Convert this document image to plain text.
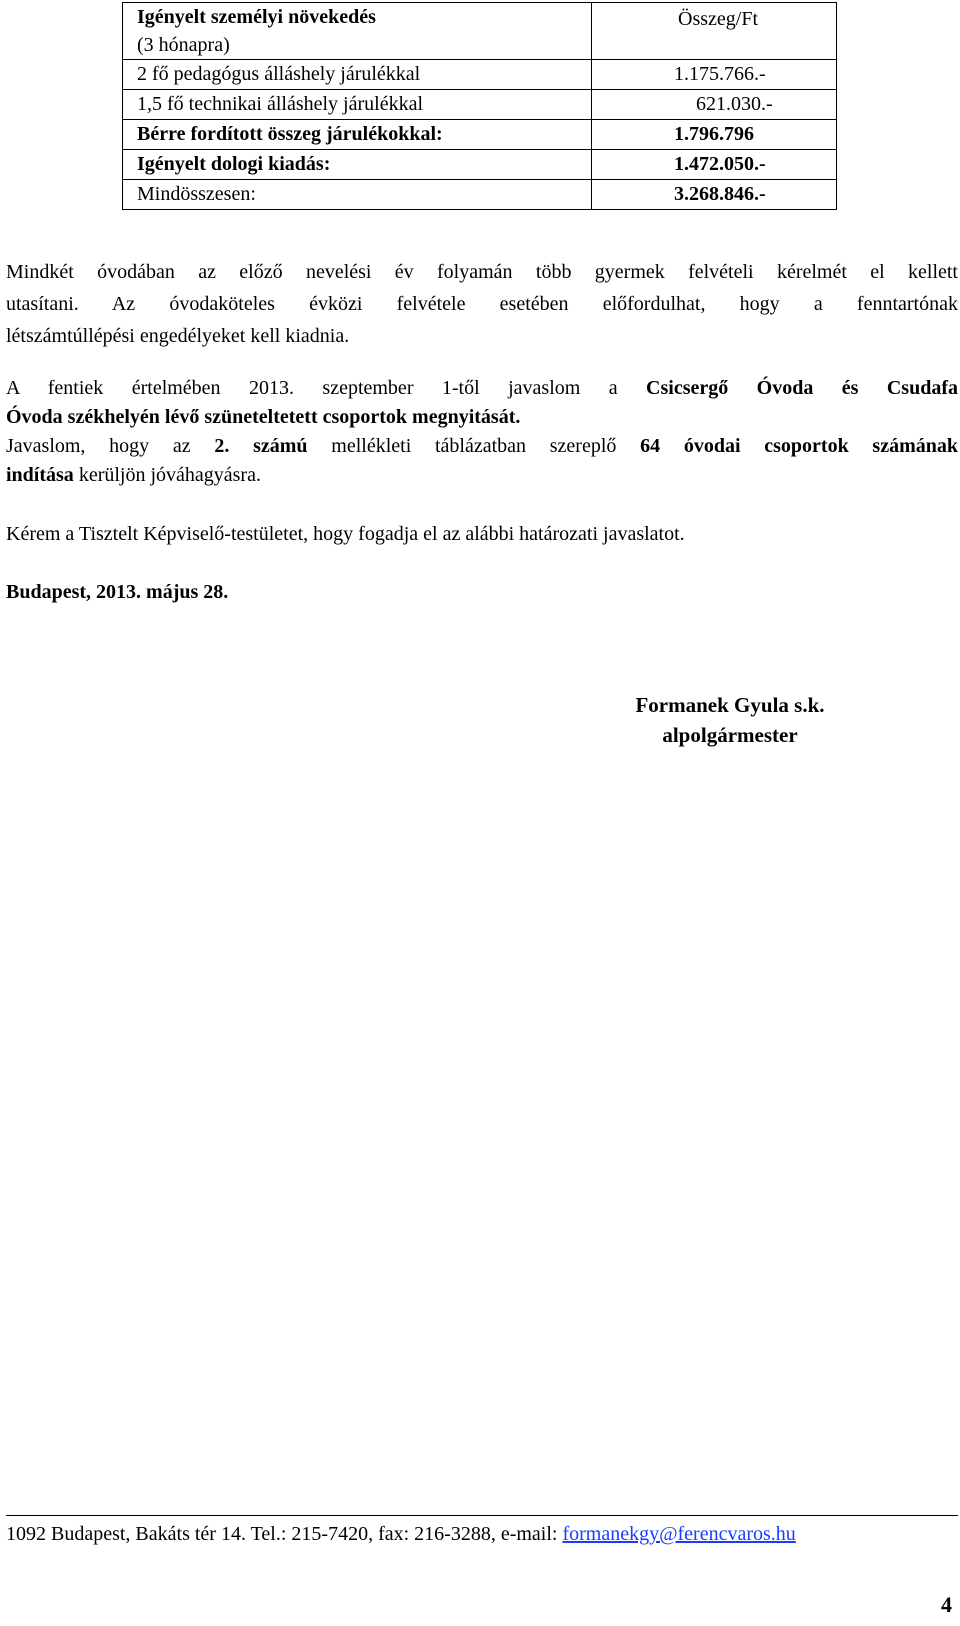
Igényelt személyi növekedés
(3 hónapra)	Összeg/Ft

2 fő pedagógus álláshely járulékkal	1.175.766.-

1,5 fő technikai álláshely járulékkal	621.030.-

Bérre fordított összeg járulékokkal:	1.796.796

Igényelt dologi kiadás:	1.472.050.-

Mindösszesen:	3.268.846.-
Mindkét óvodában az előző nevelési év folyamán több gyermek felvételi kérelmét el kellett
utasítani. Az óvodaköteles évközi felvétele esetében előfordulhat, hogy a fenntartónak
létszámtúllépési engedélyeket kell kiadnia.
A fentiek értelmében 2013. szeptember 1-től javaslom a Csicsergő Óvoda és Csudafa
Óvoda székhelyén lévő szüneteltetett csoportok megnyitását.
Javaslom, hogy az 2. számú mellékleti táblázatban szereplő 64 óvodai csoportok számának
indítása kerüljön jóváhagyásra.
Kérem a Tisztelt Képviselő-testületet, hogy fogadja el az alábbi határozati javaslatot.
Budapest, 2013. május 28.
Formanek Gyula s.k.
alpolgármester
1092 Budapest, Bakáts tér 14. Tel.: 215-7420, fax: 216-3288, e-mail: formanekgy@ferencvaros.hu
4
